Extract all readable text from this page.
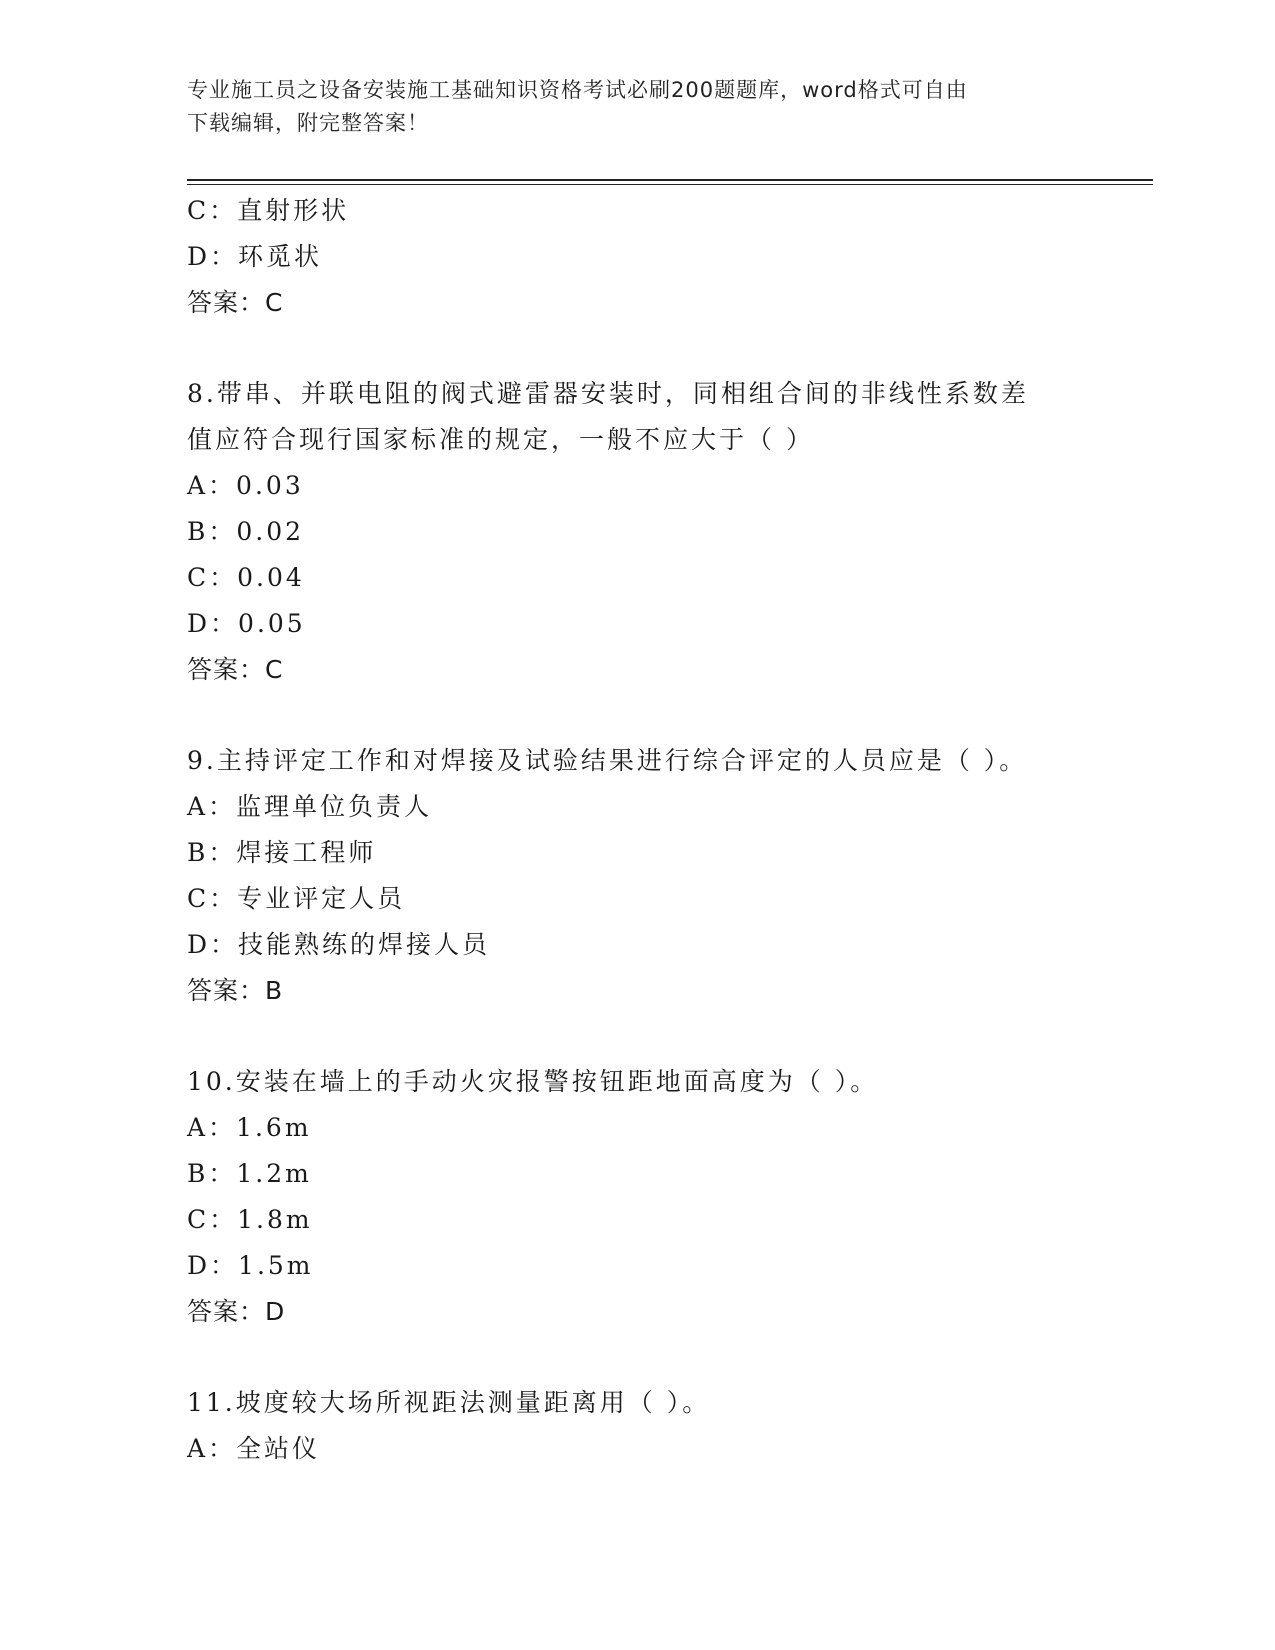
专业施工员之设备安装施工基础知识资格考试必刷200题题库，word格式可自由
下载编辑，附完整答案！
C：直射形状
D：环觅状
答案：C
8.带串、并联电阻的阀式避雷器安装时，同相组合间的非线性系数差
值应符合现行国家标准的规定，一般不应大于（ ）
A：0.03
B：0.02
C：0.04
D：0.05
答案：C
9.主持评定工作和对焊接及试验结果进行综合评定的人员应是（ ）。
A：监理单位负责人
B：焊接工程师
C：专业评定人员
D：技能熟练的焊接人员
答案：B
10.安装在墙上的手动火灾报警按钮距地面高度为（ ）。
A：1.6m
B：1.2m
C：1.8m
D：1.5m
答案：D
11.坡度较大场所视距法测量距离用（ ）。
A：全站仪
